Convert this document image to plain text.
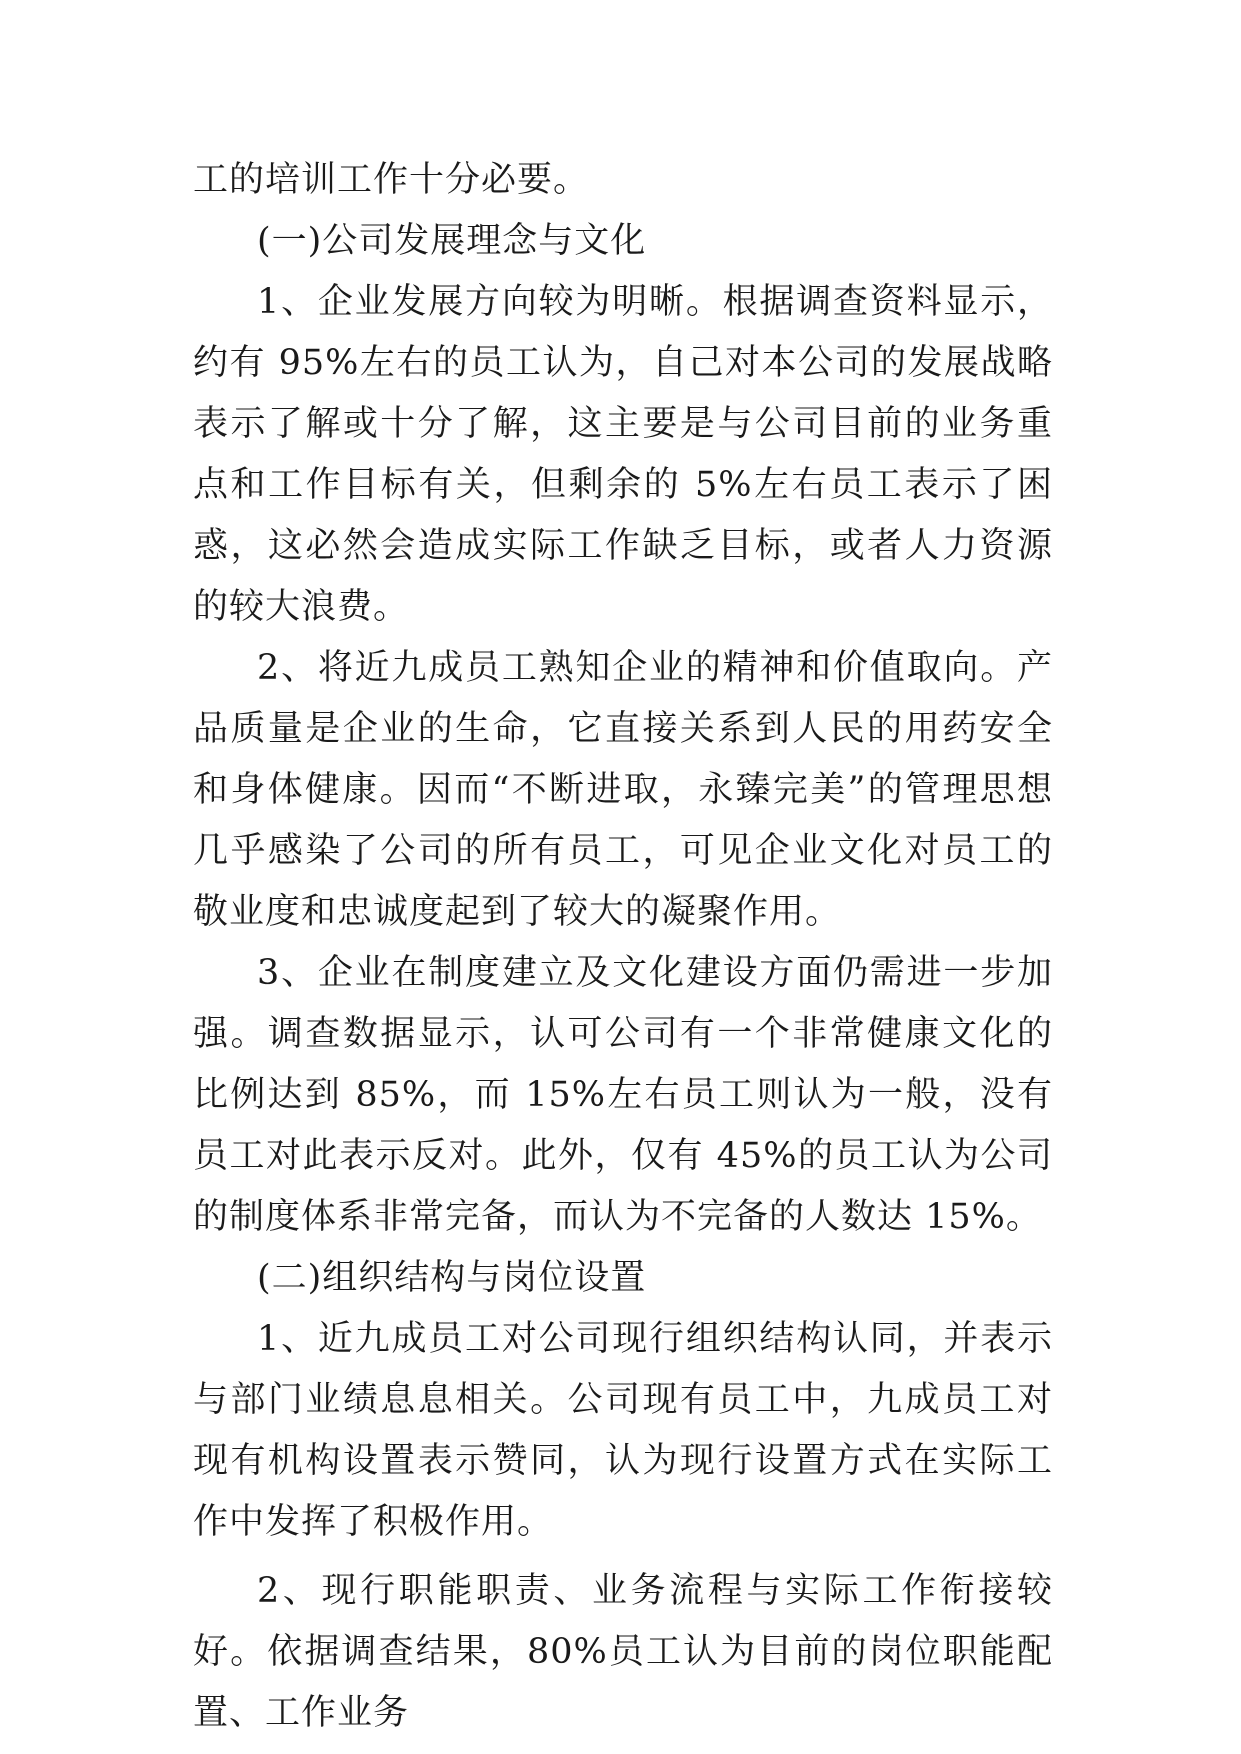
工的培训工作十分必要。

(一)公司发展理念与文化

1、企业发展方向较为明晰。根据调查资料显示，约有 95%左右的员工认为，自己对本公司的发展战略表示了解或十分了解，这主要是与公司目前的业务重点和工作目标有关，但剩余的 5%左右员工表示了困惑，这必然会造成实际工作缺乏目标，或者人力资源的较大浪费。

2、将近九成员工熟知企业的精神和价值取向。产品质量是企业的生命，它直接关系到人民的用药安全和身体健康。因而“不断进取，永臻完美”的管理思想几乎感染了公司的所有员工，可见企业文化对员工的敬业度和忠诚度起到了较大的凝聚作用。

3、企业在制度建立及文化建设方面仍需进一步加强。调查数据显示，认可公司有一个非常健康文化的比例达到 85%，而 15%左右员工则认为一般，没有员工对此表示反对。此外，仅有 45%的员工认为公司的制度体系非常完备，而认为不完备的人数达 15%。

(二)组织结构与岗位设置

1、近九成员工对公司现行组织结构认同，并表示与部门业绩息息相关。公司现有员工中，九成员工对现有机构设置表示赞同，认为现行设置方式在实际工作中发挥了积极作用。

2、现行职能职责、业务流程与实际工作衔接较好。依据调查结果，80%员工认为目前的岗位职能配置、工作业务
